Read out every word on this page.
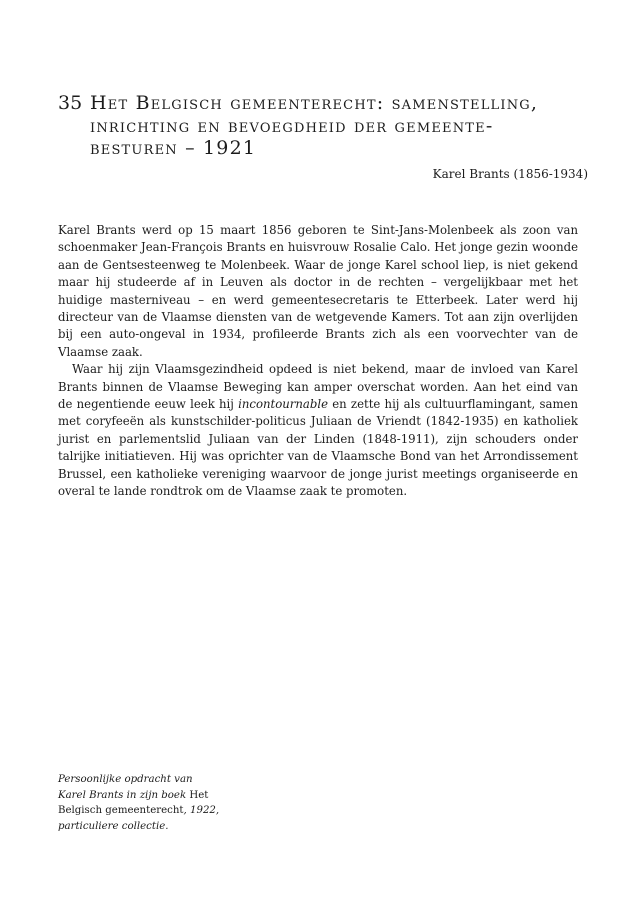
35 Het Belgisch gemeenterecht: samenstelling, inrichting en bevoegdheid der gemeente-besturen – 1921
Karel Brants (1856-1934)

Karel Brants werd op 15 maart 1856 geboren te Sint-Jans-Molenbeek als zoon van schoenmaker Jean-François Brants en huisvrouw Rosalie Calo. Het jonge gezin woonde aan de Gentsesteenweg te Molenbeek. Waar de jonge Karel school liep, is niet gekend maar hij studeerde af in Leuven als doctor in de rechten – vergelijkbaar met het huidige masterniveau – en werd gemeentesecretaris te Etterbeek. Later werd hij directeur van de Vlaamse diensten van de wetgevende Kamers. Tot aan zijn overlijden bij een auto-ongeval in 1934, profileerde Brants zich als een voorvechter van de Vlaamse zaak.

Waar hij zijn Vlaamsgezindheid opdeed is niet bekend, maar de invloed van Karel Brants binnen de Vlaamse Beweging kan amper overschat worden. Aan het eind van de negentiende eeuw leek hij incontournable en zette hij als cultuurflamingant, samen met coryfeeën als kunstschilder-politicus Juliaan de Vriendt (1842-1935) en katholiek jurist en parlementslid Juliaan van der Linden (1848-1911), zijn schouders onder talrijke initiatieven. Hij was oprichter van de Vlaamsche Bond van het Arrondissement Brussel, een katholieke vereniging waarvoor de jonge jurist meetings organiseerde en overal te lande rondtrok om de Vlaamse zaak te promoten.

Persoonlijke opdracht van Karel Brants in zijn boek Het Belgisch gemeenterecht, 1922, particuliere collectie.
